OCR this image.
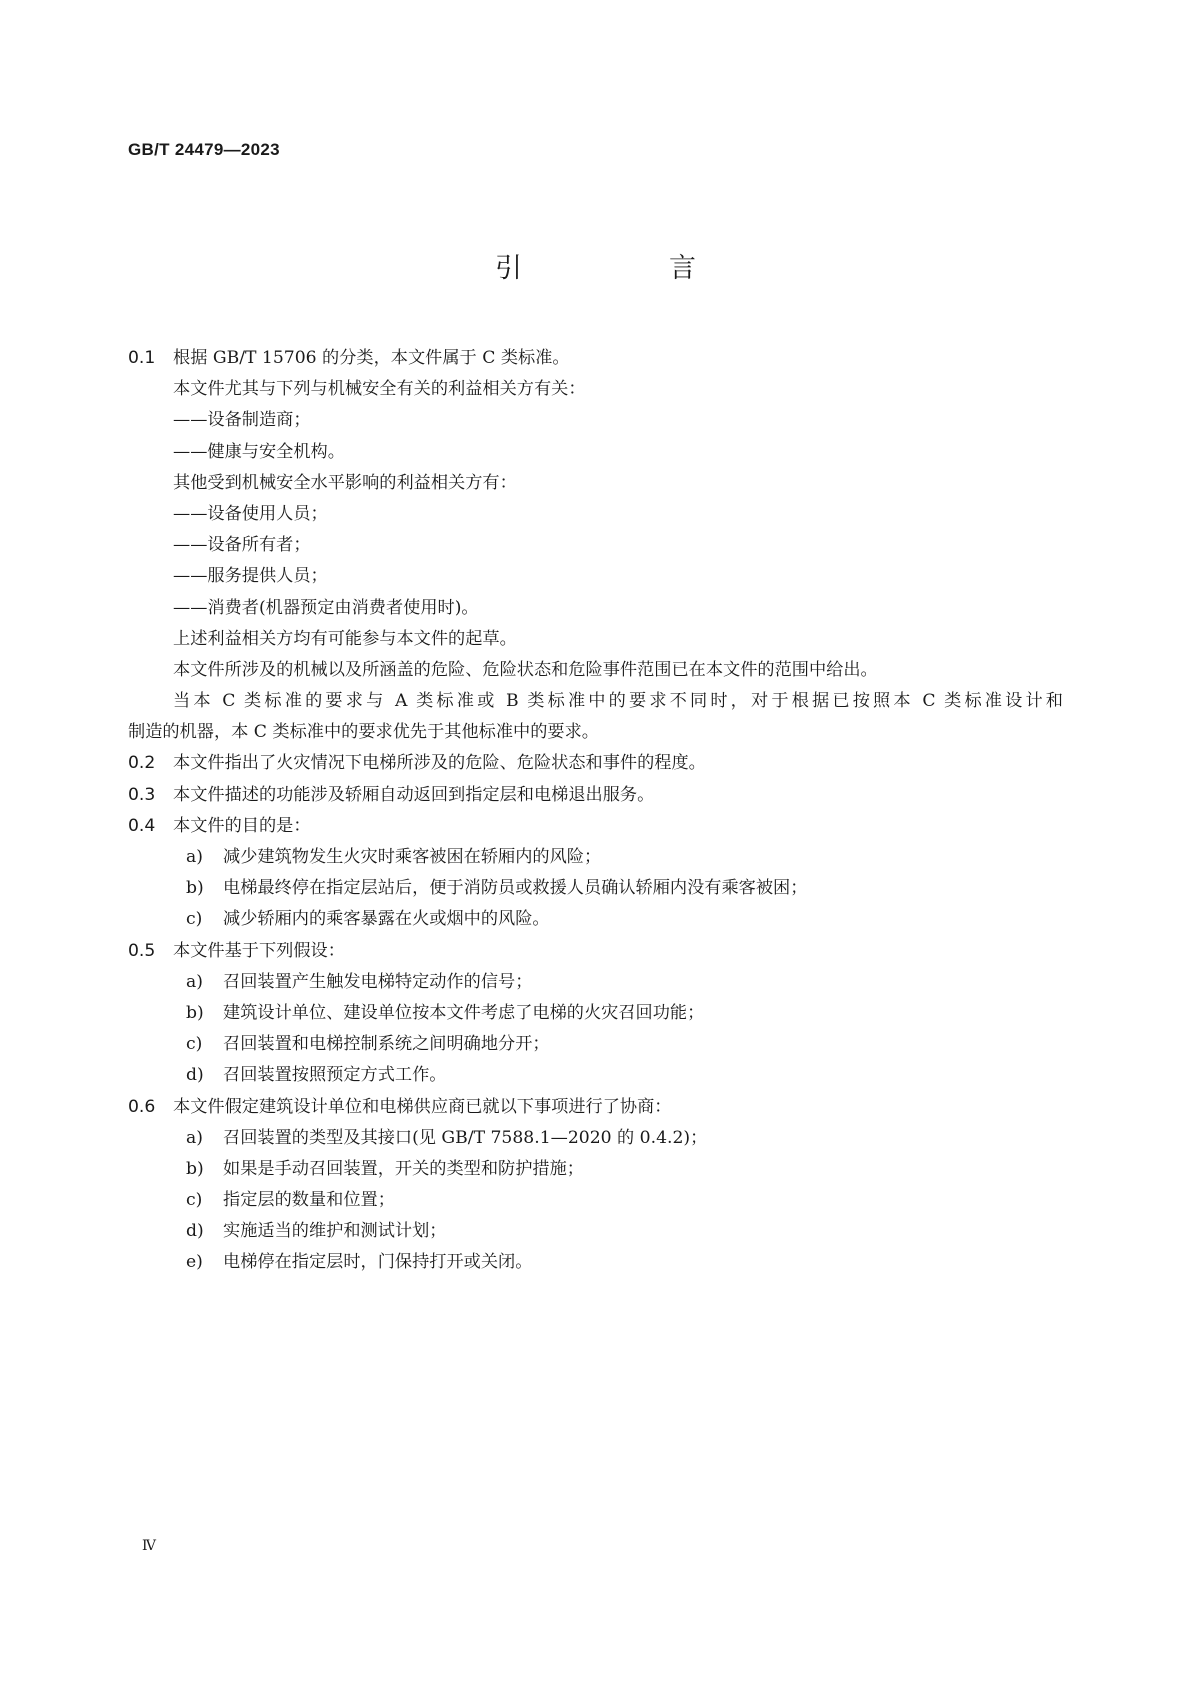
GB/T 24479—2023
引　言
0.1 根据 GB/T 15706 的分类，本文件属于 C 类标准。
本文件尤其与下列与机械安全有关的利益相关方有关：
——设备制造商；
——健康与安全机构。
其他受到机械安全水平影响的利益相关方有：
——设备使用人员；
——设备所有者；
——服务提供人员；
——消费者(机器预定由消费者使用时)。
上述利益相关方均有可能参与本文件的起草。
本文件所涉及的机械以及所涵盖的危险、危险状态和危险事件范围已在本文件的范围中给出。
当本 C 类标准的要求与 A 类标准或 B 类标准中的要求不同时，对于根据已按照本 C 类标准设计和
制造的机器，本 C 类标准中的要求优先于其他标准中的要求。
0.2 本文件指出了火灾情况下电梯所涉及的危险、危险状态和事件的程度。
0.3 本文件描述的功能涉及轿厢自动返回到指定层和电梯退出服务。
0.4 本文件的目的是：
a) 减少建筑物发生火灾时乘客被困在轿厢内的风险；
b) 电梯最终停在指定层站后，便于消防员或救援人员确认轿厢内没有乘客被困；
c) 减少轿厢内的乘客暴露在火或烟中的风险。
0.5 本文件基于下列假设：
a) 召回装置产生触发电梯特定动作的信号；
b) 建筑设计单位、建设单位按本文件考虑了电梯的火灾召回功能；
c) 召回装置和电梯控制系统之间明确地分开；
d) 召回装置按照预定方式工作。
0.6 本文件假定建筑设计单位和电梯供应商已就以下事项进行了协商：
a) 召回装置的类型及其接口(见 GB/T 7588.1—2020 的 0.4.2)；
b) 如果是手动召回装置，开关的类型和防护措施；
c) 指定层的数量和位置；
d) 实施适当的维护和测试计划；
e) 电梯停在指定层时，门保持打开或关闭。
Ⅳ
